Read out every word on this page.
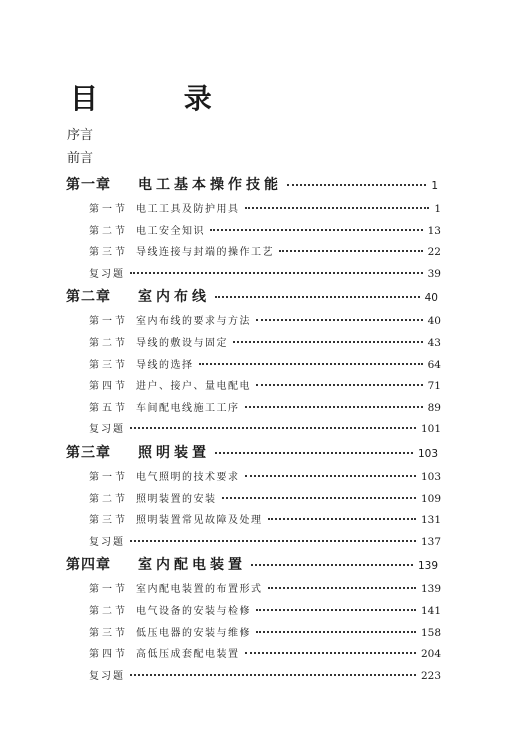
目 录
序言
前言
第一章	电工基本操作技能	1
第一节 电工工具及防护用具	1
第二节 电工安全知识	13
第三节 导线连接与封端的操作工艺	22
复习题	39
第二章	室内布线	40
第一节 室内布线的要求与方法	40
第二节 导线的敷设与固定	43
第三节 导线的选择	64
第四节 进户、接户、量电配电	71
第五节 车间配电线施工工序	89
复习题	101
第三章	照明装置	103
第一节 电气照明的技术要求	103
第二节 照明装置的安装	109
第三节 照明装置常见故障及处理	131
复习题	137
第四章	室内配电装置	139
第一节 室内配电装置的布置形式	139
第二节 电气设备的安装与检修	141
第三节 低压电器的安装与维修	158
第四节 高低压成套配电装置	204
复习题	223
